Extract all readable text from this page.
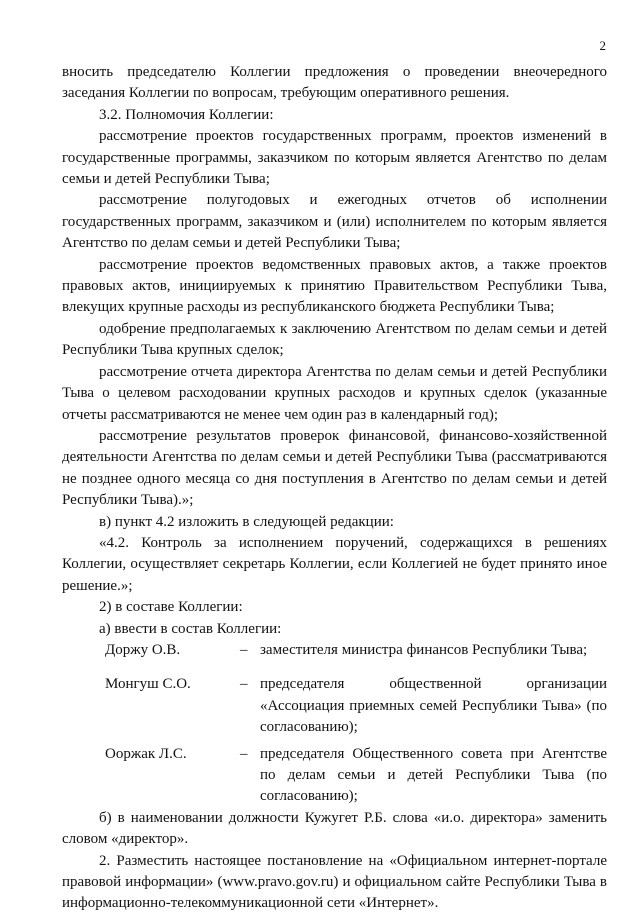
2

вносить председателю Коллегии предложения о проведении внеочередного заседания Коллегии по вопросам, требующим оперативного решения.

3.2. Полномочия Коллегии:

рассмотрение проектов государственных программ, проектов изменений в государственные программы, заказчиком по которым является Агентство по делам семьи и детей Республики Тыва;

рассмотрение полугодовых и ежегодных отчетов об исполнении государственных программ, заказчиком и (или) исполнителем по которым является Агентство по делам семьи и детей Республики Тыва;

рассмотрение проектов ведомственных правовых актов, а также проектов правовых актов, инициируемых к принятию Правительством Республики Тыва, влекущих крупные расходы из республиканского бюджета Республики Тыва;

одобрение предполагаемых к заключению Агентством по делам семьи и детей Республики Тыва крупных сделок;

рассмотрение отчета директора Агентства по делам семьи и детей Республики Тыва о целевом расходовании крупных расходов и крупных сделок (указанные отчеты рассматриваются не менее чем один раз в календарный год);

рассмотрение результатов проверок финансовой, финансово-хозяйственной деятельности Агентства по делам семьи и детей Республики Тыва (рассматриваются не позднее одного месяца со дня поступления в Агентство по делам семьи и детей Республики Тыва).»;

в) пункт 4.2 изложить в следующей редакции:

«4.2. Контроль за исполнением поручений, содержащихся в решениях Коллегии, осуществляет секретарь Коллегии, если Коллегией не будет принято иное решение.»;

2) в составе Коллегии:

а) ввести в состав Коллегии:

Доржу О.В.	– заместителя министра финансов Республики Тыва;
Монгуш С.О.	– председателя общественной организации «Ассоциация приемных семей Республики Тыва» (по согласованию);
Ооржак Л.С.	– председателя Общественного совета при Агентстве по делам семьи и детей Республики Тыва (по согласованию);

б) в наименовании должности Кужугет Р.Б. слова «и.о. директора» заменить словом «директор».

2. Разместить настоящее постановление на «Официальном интернет-портале правовой информации» (www.pravo.gov.ru) и официальном сайте Республики Тыва в информационно-телекоммуникационной сети «Интернет».
